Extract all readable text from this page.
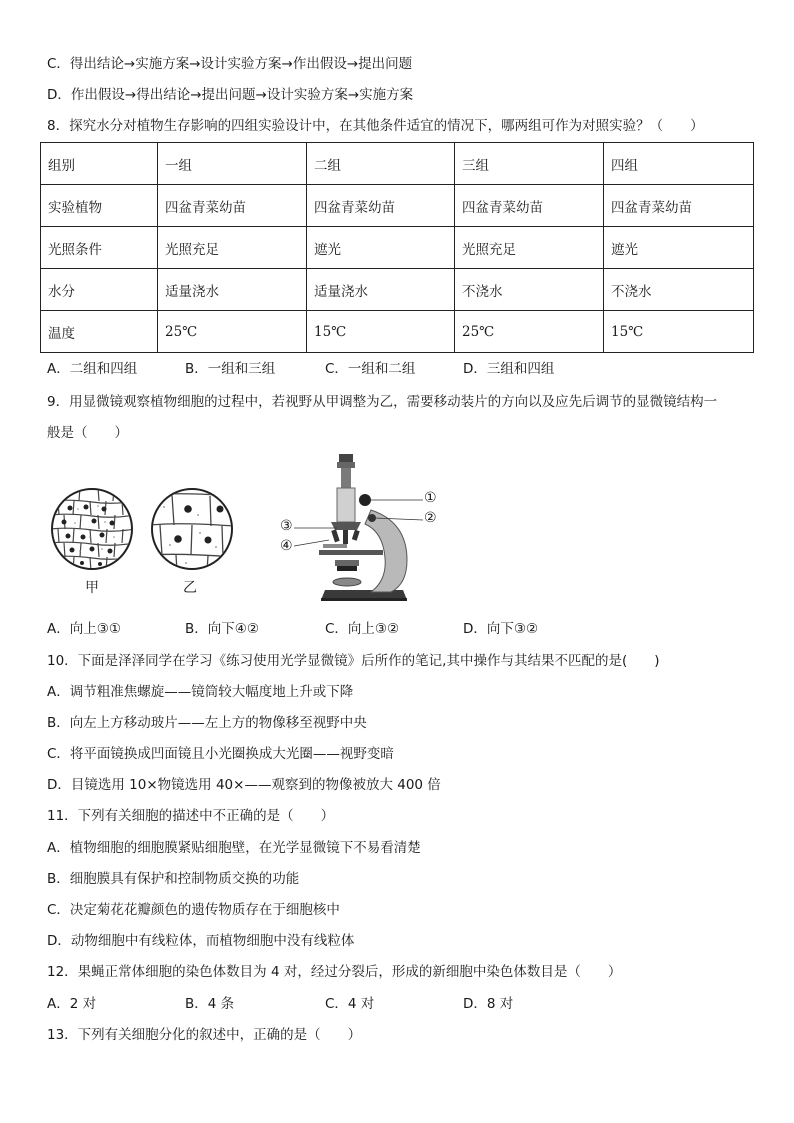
C．得出结论→实施方案→设计实验方案→作出假设→提出问题
D．作出假设→得出结论→提出问题→设计实验方案→实施方案
8．探究水分对植物生存影响的四组实验设计中，在其他条件适宜的情况下，哪两组可作为对照实验？（　　）
组别	一组	二组	三组	四组
实验植物	四盆青菜幼苗	四盆青菜幼苗	四盆青菜幼苗	四盆青菜幼苗
光照条件	光照充足	遮光	光照充足	遮光
水分	适量浇水	适量浇水	不浇水	不浇水
温度	25℃	15℃	25℃	15℃
A．二组和四组	B．一组和三组	C．一组和二组	D．三组和四组
9．用显微镜观察植物细胞的过程中，若视野从甲调整为乙，需要移动装片的方向以及应先后调节的显微镜结构一
般是（　　）
甲	乙
①
②
③
④
A．向上③①	B．向下④②	C．向上③②	D．向下③②
10．下面是泽泽同学在学习《练习使用光学显微镜》后所作的笔记,其中操作与其结果不匹配的是(　　)
A．调节粗准焦螺旋——镜筒较大幅度地上升或下降
B．向左上方移动玻片——左上方的物像移至视野中央
C．将平面镜换成凹面镜且小光圈换成大光圈——视野变暗
D．目镜选用 10×物镜选用 40×——观察到的物像被放大 400 倍
11．下列有关细胞的描述中不正确的是（　　）
A．植物细胞的细胞膜紧贴细胞壁，在光学显微镜下不易看清楚
B．细胞膜具有保护和控制物质交换的功能
C．决定菊花花瓣颜色的遗传物质存在于细胞核中
D．动物细胞中有线粒体，而植物细胞中没有线粒体
12．果蝇正常体细胞的染色体数目为 4 对，经过分裂后，形成的新细胞中染色体数目是（　　）
A．2 对	B．4 条	C．4 对	D．8 对
13．下列有关细胞分化的叙述中，正确的是（　　）
